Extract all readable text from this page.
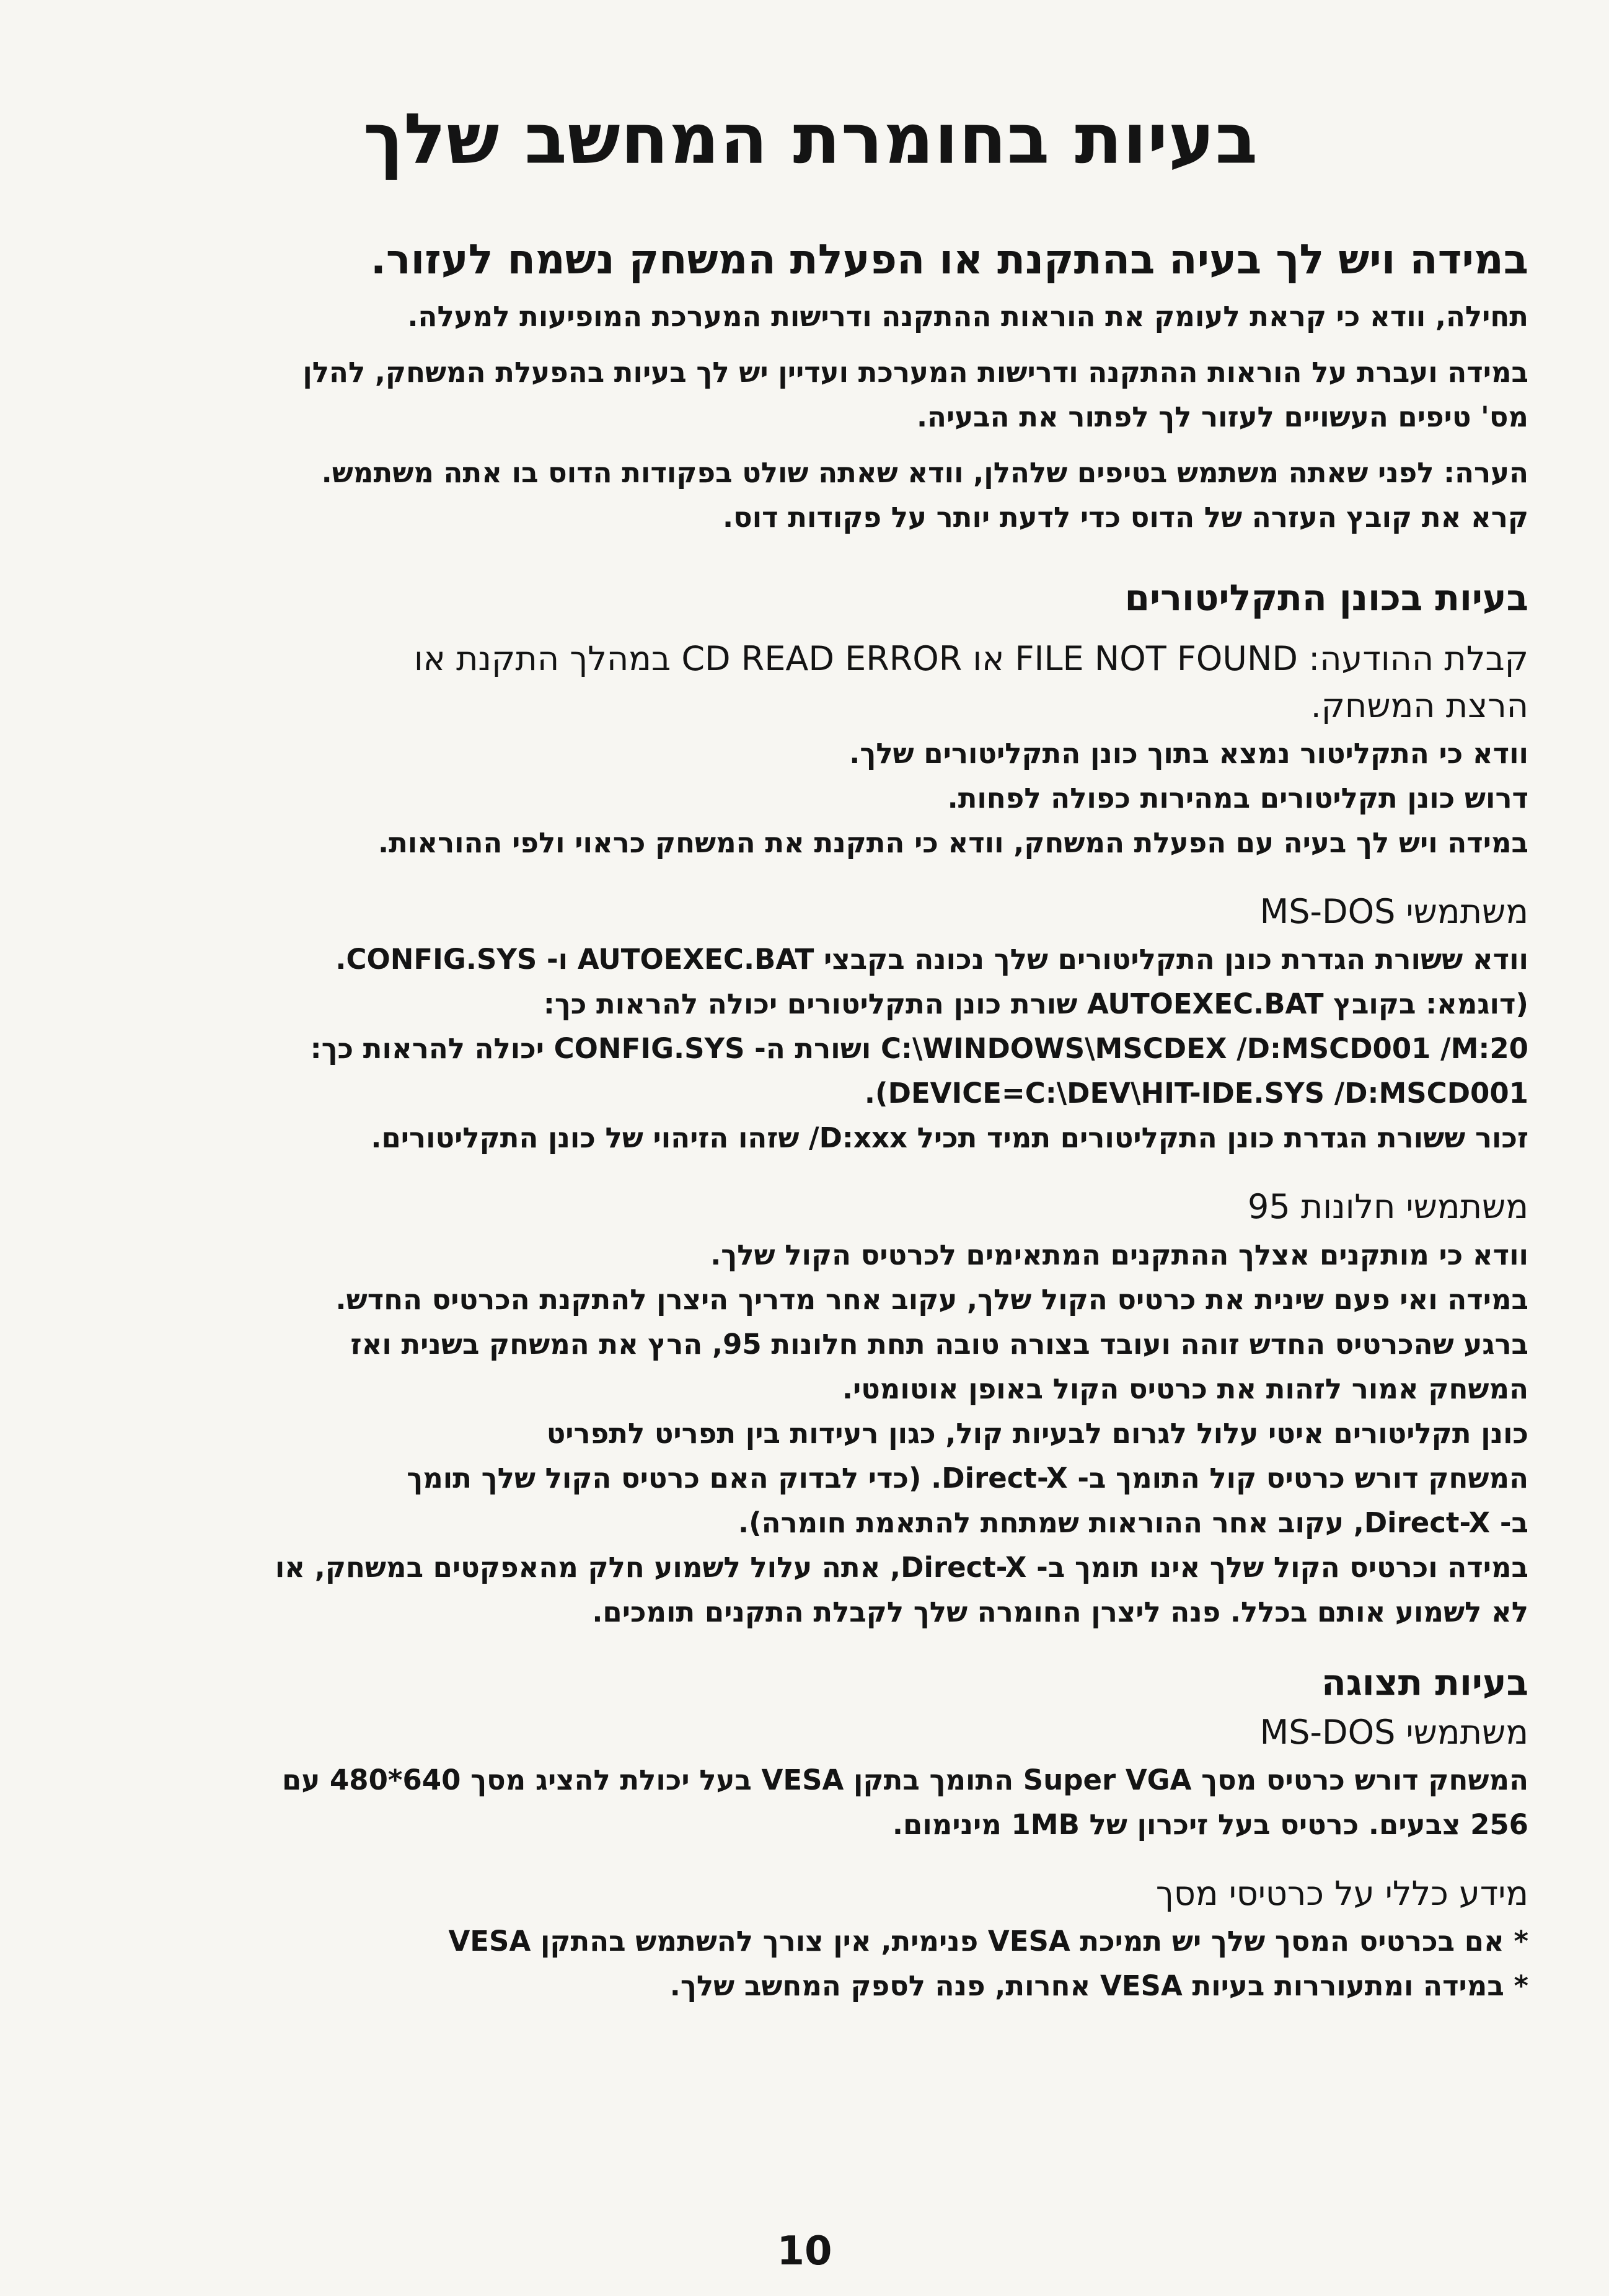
בעיות בחומרת המחשב שלך
במידה ויש לך בעיה בהתקנת או הפעלת המשחק נשמח לעזור.

תחילה, וודא כי קראת לעומק את הוראות ההתקנה ודרישות המערכת המופיעות למעלה.

במידה ועברת על הוראות ההתקנה ודרישות המערכת ועדיין יש לך בעיות בהפעלת המשחק, להלן

מס' טיפים העשויים לעזור לך לפתור את הבעיה.

הערה: לפני שאתה משתמש בטיפים שלהלן, וודא שאתה שולט בפקודות הדוס בו אתה משתמש.

קרא את קובץ העזרה של הדוס כדי לדעת יותר על פקודות דוס.

בעיות בכונן התקליטורים
קבלת ההודעה: FILE NOT FOUND או CD READ ERROR במהלך התקנת או
הרצת המשחק.

וודא כי התקליטור נמצא בתוך כונן התקליטורים שלך.

דרוש כונן תקליטורים במהירות כפולה לפחות.

במידה ויש לך בעיה עם הפעלת המשחק, וודא כי התקנת את המשחק כראוי ולפי ההוראות.

משתמשי MS-DOS

וודא ששורת הגדרת כונן התקליטורים שלך נכונה בקבצי AUTOEXEC.BAT ו- CONFIG.SYS.

(דוגמא: בקובץ AUTOEXEC.BAT שורת כונן התקליטורים יכולה להראות כך:

C:\WINDOWS\MSCDEX /D:MSCD001 /M:20 ושורת ה- CONFIG.SYS יכולה להראות כך:

DEVICE=C:\DEV\HIT-IDE.SYS /D:MSCD001).

זכור ששורת הגדרת כונן התקליטורים תמיד תכיל D:xxx/ שזהו הזיהוי של כונן התקליטורים.

משתמשי חלונות 95

וודא כי מותקנים אצלך ההתקנים המתאימים לכרטיס הקול שלך.

במידה ואי פעם שינית את כרטיס הקול שלך, עקוב אחר מדריך היצרן להתקנת הכרטיס החדש.

ברגע שהכרטיס החדש זוהה ועובד בצורה טובה תחת חלונות 95, הרץ את המשחק בשנית ואז

המשחק אמור לזהות את כרטיס הקול באופן אוטומטי.

כונן תקליטורים איטי עלול לגרום לבעיות קול, כגון רעידות בין תפריט לתפריט

המשחק דורש כרטיס קול התומך ב- Direct-X. (כדי לבדוק האם כרטיס הקול שלך תומך

ב- Direct-X, עקוב אחר ההוראות שמתחת להתאמת חומרה).

במידה וכרטיס הקול שלך אינו תומך ב- Direct-X, אתה עלול לשמוע חלק מהאפקטים במשחק, או

לא לשמוע אותם בכלל. פנה ליצרן החומרה שלך לקבלת התקנים תומכים.

בעיות תצוגה
משתמשי MS-DOS

המשחק דורש כרטיס מסך Super VGA התומך בתקן VESA בעל יכולת להציג מסך 640*480 עם

256 צבעים. כרטיס בעל זיכרון של 1MB מינימום.

מידע כללי על כרטיסי מסך

* אם בכרטיס המסך שלך יש תמיכת VESA פנימית, אין צורך להשתמש בהתקן VESA

* במידה ומתעוררות בעיות VESA אחרות, פנה לספק המחשב שלך.

10
